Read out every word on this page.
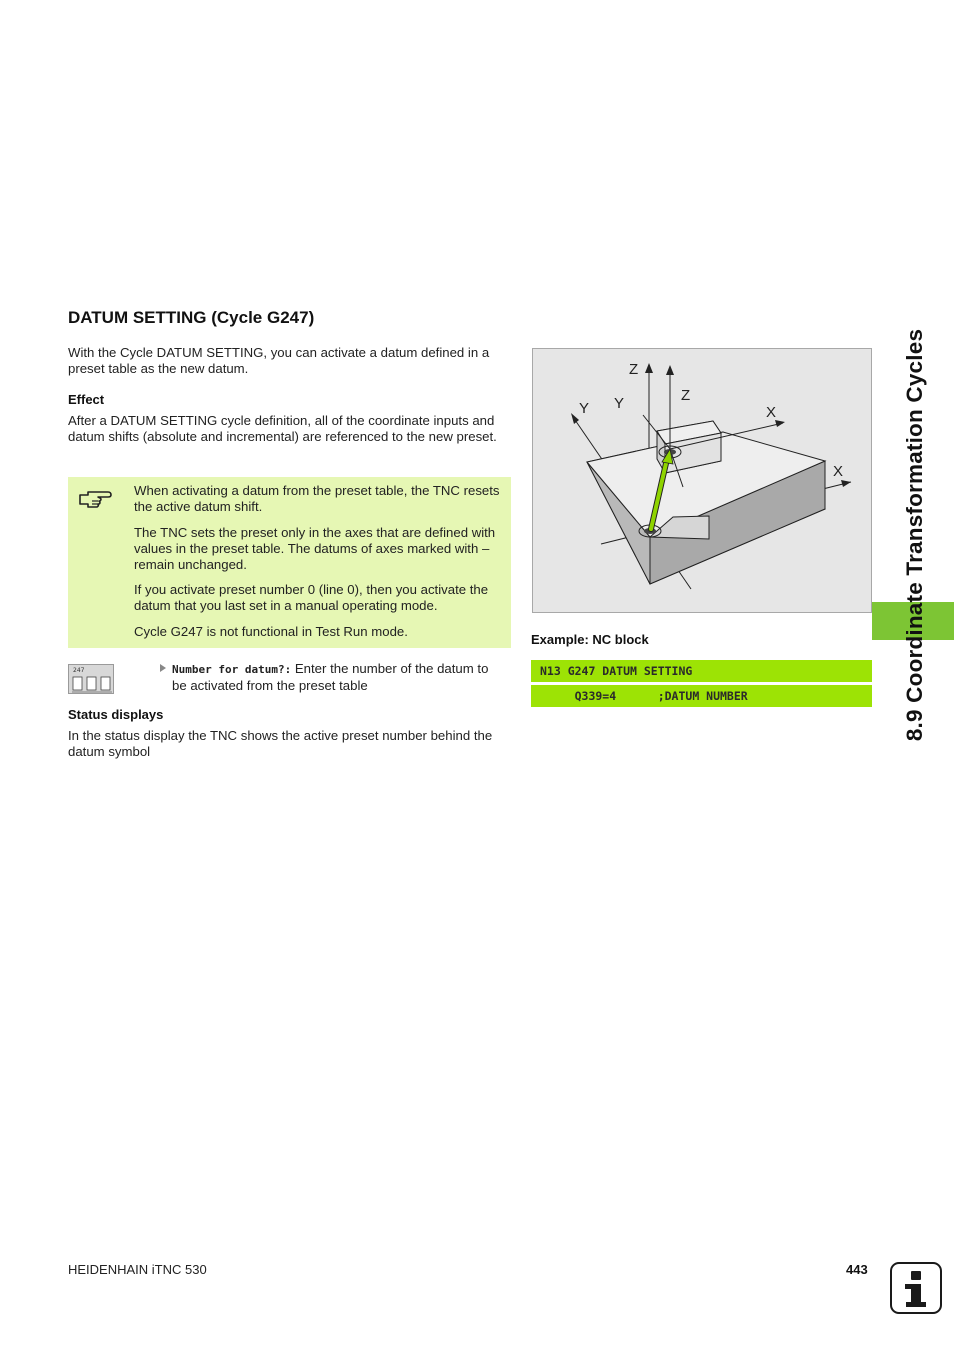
DATUM SETTING (Cycle G247)
With the Cycle DATUM SETTING, you can activate a datum defined in a preset table as the new datum.
Effect
After a DATUM SETTING cycle definition, all of the coordinate inputs and datum shifts (absolute and incremental) are referenced to the new preset.
When activating a datum from the preset table, the TNC resets the active datum shift.
The TNC sets the preset only in the axes that are defined with values in the preset table. The datums of axes marked with – remain unchanged.
If you activate preset number 0 (line 0), then you activate the datum that you last set in a manual operating mode.
Cycle G247 is not functional in Test Run mode.
247	Number for datum?: Enter the number of the datum to
be activated from the preset table
Status displays
In the status display the TNC shows the active preset number behind the datum symbol
Z
Y Y	Z
X
X
Example: NC block
N13 G247 DATUM SETTING
Q339=4      ;DATUM NUMBER	8.9 Coordinate Transformation Cycles
HEIDENHAIN iTNC 530	443
